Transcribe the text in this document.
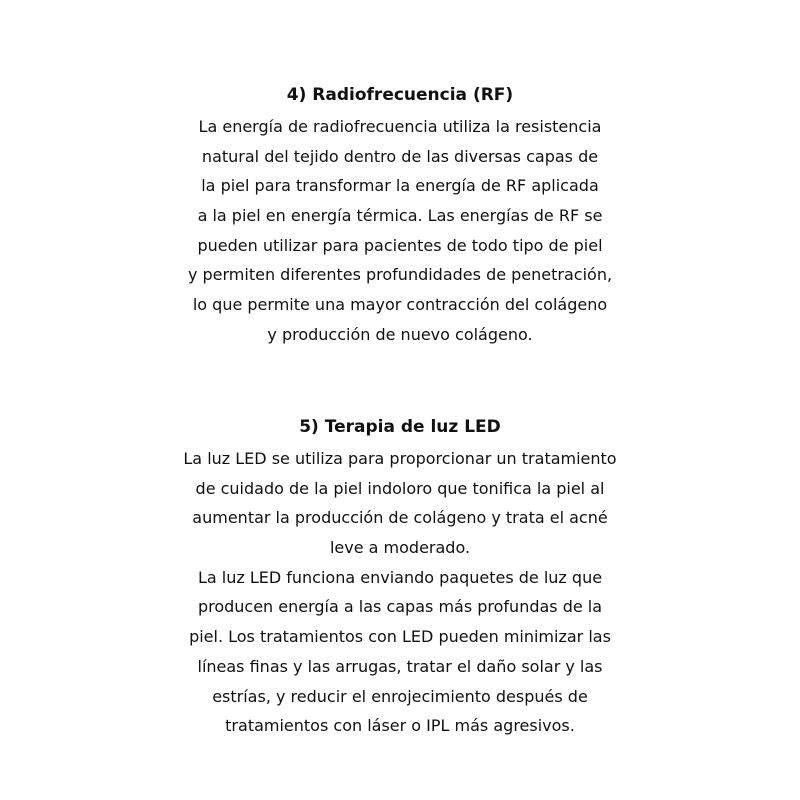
4) Radiofrecuencia (RF)
La energía de radiofrecuencia utiliza la resistencia
natural del tejido dentro de las diversas capas de
la piel para transformar la energía de RF aplicada
a la piel en energía térmica. Las energías de RF se
pueden utilizar para pacientes de todo tipo de piel
y permiten diferentes profundidades de penetración,
lo que permite una mayor contracción del colágeno
y producción de nuevo colágeno.
5) Terapia de luz LED
La luz LED se utiliza para proporcionar un tratamiento
de cuidado de la piel indoloro que tonifica la piel al
aumentar la producción de colágeno y trata el acné
leve a moderado.
La luz LED funciona enviando paquetes de luz que
producen energía a las capas más profundas de la
piel. Los tratamientos con LED pueden minimizar las
líneas finas y las arrugas, tratar el daño solar y las
estrías, y reducir el enrojecimiento después de
tratamientos con láser o IPL más agresivos.
